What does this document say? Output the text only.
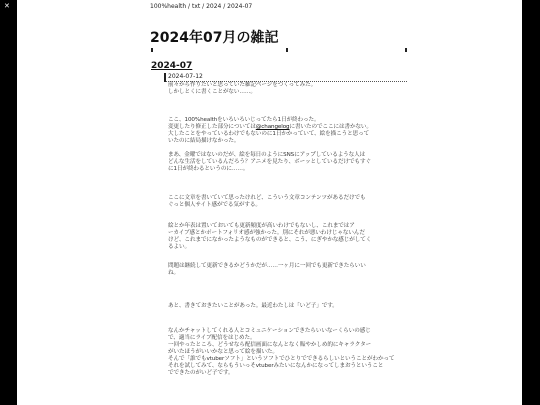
✕	100%health / txt / 2024 / 2024-07
2024年07月の雑記
2024-07
2024-07-12

前々から作りたいと思っていた雑記ページをつくってみた。
しかしとくに書くことがない……。

ここ、100%healthをいろいろいじってたら1日が終わった。
変更したり修正した部分については@changelogに書いたのでここには書かない。
大したことをやっているわけでもないのに1日かかっていて、絵を描こうと思って
いたのに結局描けなかった。

まあ、金曜ではないのだが、絵を毎日のようにSNSにアップしているような人は
どんな生活をしているんだろう？アニメを見たり、ボーッとしているだけでもすぐ
に1日が終わるというのに……。

ここに文章を書いていて思ったけれど、こういう文章コンテンツがあるだけでも
ぐっと個人サイト感がでる気がする。

絵とか年表は置いておいても更新頻度が高いわけでもないし、これまではア
ーカイブ感とかポートフォリオ感が強かった。別にそれが悪いわけじゃないんだ
けど、これまでになかったようなものができると、こう、にぎやかな感じがしてく
るよい。

問題は継続して更新できるかどうかだが……一ヶ月に一回でも更新できたらいい
ね。

あと、書きておきたいことがあった。最近わたしは「いど子」です。

なんかチャットしてくれる人とコミュニケーションできたらいいなーくらいの感じ
で、適当にライブ配信をはじめた。
一回やったところ、どうせなら配信画面になんとなく賑やかしめ的にキャラクター
がいたほうがいいかなと思って絵を描いた。
そんで「誰でもvtuberソフト」というソフトでひとりでできるらしいということがわかって
それを試してみて、ならもういっそvtuberみたいになんかになってしまおうということ
でできたのがいど子です。
